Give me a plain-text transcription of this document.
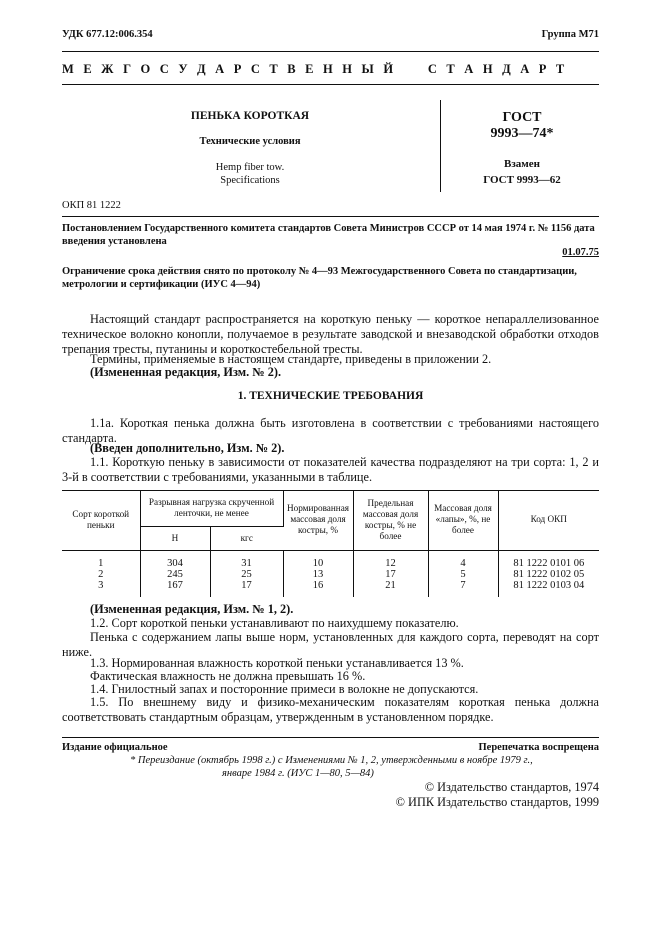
УДК 677.12:006.354	Группа М71
М Е Ж Г О С У Д А Р С Т В Е Н Н Ы Й     С Т А Н Д А Р Т
ПЕНЬКА КОРОТКАЯ
Технические условия
Hemp fiber tow.
Specifications
ГОСТ
9993—74*
Взамен
ГОСТ 9993—62
ОКП 81 1222
Постановлением Государственного комитета стандартов Совета Министров СССР от 14 мая 1974 г. № 1156 дата введения установлена
01.07.75
Ограничение срока действия снято по протоколу № 4—93 Межгосударственного Совета по стандартизации, метрологии и сертификации (ИУС 4—94)
Настоящий стандарт распространяется на короткую пеньку — короткое непараллелизованное техническое волокно конопли, получаемое в результате заводской и внезаводской обработки отходов трепания тресты, путанины и короткостебельной тресты.
Термины, применяемые в настоящем стандарте, приведены в приложении 2.
(Измененная редакция, Изм. № 2).
1. ТЕХНИЧЕСКИЕ ТРЕБОВАНИЯ
1.1а. Короткая пенька должна быть изготовлена в соответствии с требованиями настоящего стандарта.
(Введен дополнительно, Изм. № 2).
1.1. Короткую пеньку в зависимости от показателей качества подразделяют на три сорта: 1, 2 и 3-й в соответствии с требованиями, указанными в таблице.
Сорт короткой пеньки	Разрывная нагрузка скрученной ленточки, не менее		Нормированная массовая доля костры, %	Предельная массовая доля костры, % не более	Массовая доля «лапы», %, не более	Код ОКП
	Н	кгс				

1	304	31	10	12	4	81 1222 0101 06
2	245	25	13	17	5	81 1222 0102 05
3	167	17	16	21	7	81 1222 0103 04

(Измененная редакция, Изм. № 1, 2).
1.2. Сорт короткой пеньки устанавливают по наихудшему показателю.
Пенька с содержанием лапы выше норм, установленных для каждого сорта, переводят на сорт ниже.
1.3. Нормированная влажность короткой пеньки устанавливается 13 %.
Фактическая влажность не должна превышать 16 %.
1.4. Гнилостный запах и посторонние примеси в волокне не допускаются.
1.5. По внешнему виду и физико-механическим показателям короткая пенька должна соответствовать стандартным образцам, утвержденным в установленном порядке.
Издание официальное	Перепечатка воспрещена
* Переиздание (октябрь 1998 г.) с Изменениями № 1, 2, утвержденными в ноябре 1979 г.,
январе 1984 г. (ИУС 1—80, 5—84)
© Издательство стандартов, 1974
© ИПК Издательство стандартов, 1999
